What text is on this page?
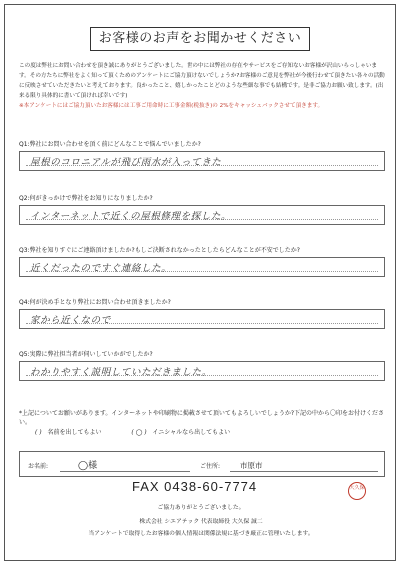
お客様のお声をお聞かせください
この度は弊社にお問い合わせを頂き誠にありがとうございました。世の中には弊社の存在やサービスをご存知ないお客様が沢山いらっしゃいます。その方たちに弊社をよく知って頂くためのアンケートにご協力頂けないでしょうか?お客様のご意見を弊社が今後行わせて頂きたい各々の活動に反映させていただきたいと考えております。良かったこと、嬉しかったことどのような些細な事でも結構です。是非ご協力お願い致します。(出来る限り具体的に書いて頂ければ幸いです)
※本アンケートにはご協力頂いたお客様には工事ご用命時に工事金額(税抜き)の 2%をキャッシュバックさせて頂きます。
Q1:弊社にお問い合わせを頂く前にどんなことで悩んでいましたか?
屋根のコロニアルが飛び雨水が入ってきた
Q2:何がきっかけで弊社をお知りになりましたか?
インターネットで近くの屋根修理を探した。
Q3:弊社を知りすぐにご連絡頂けましたか?もしご決断されなかったとしたらどんなことが不安でしたか?
近くだったのですぐ連絡した。
Q4:何が決め手となり弊社にお問い合わせ頂きましたか?
家から近くなので
Q5:実際に弊社担当者が伺いしていかがでしたか?
わかりやすく説明していただきました。
*上記についてお願いがあります。インターネットや印刷物に掲載させて頂いてもよろしいでしょうか?下記の中から〇印をお付けください。
( ) 名前を出してもよい	( ◯ ) イニシャルなら出してもよい
お名前:	◯様	ご住所:	市原市
FAX 0438-60-7774	大久保
ご協力ありがとうございました。
株式会社 シエアテック 代表取締役 大久保 誠二
当アンケートで取得したお客様の個人情報は関係法規に基づき厳正に管理いたします。
